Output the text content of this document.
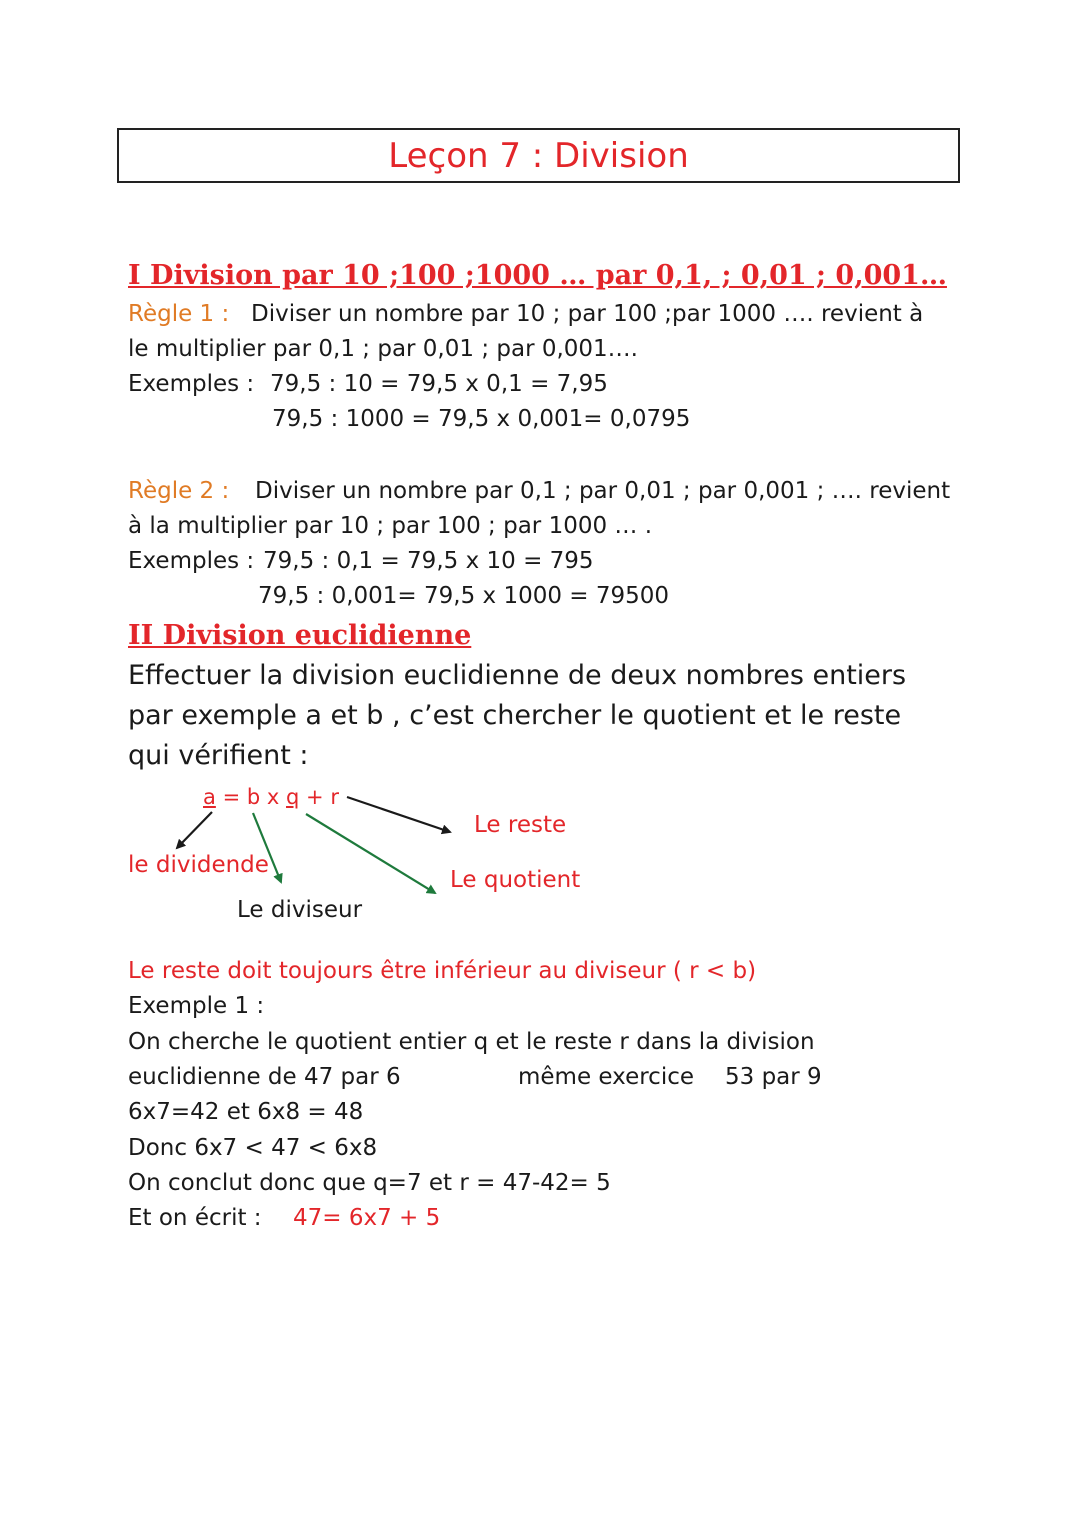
Leçon 7 : Division
I Division par 10 ;100 ;1000 … par 0,1, ; 0,01 ; 0,001…
Règle 1 : Diviser un nombre par 10 ; par 100 ;par 1000 …. revient à
le multiplier par 0,1 ; par 0,01 ; par 0,001….
Exemples : 79,5 : 10 = 79,5 x 0,1 = 7,95
79,5 : 1000 = 79,5 x 0,001= 0,0795
Règle 2 : Diviser un nombre par 0,1 ; par 0,01 ; par 0,001 ; …. revient
à la multiplier par 10 ; par 100 ; par 1000 … .
Exemples : 79,5 : 0,1 = 79,5 x 10 = 795
79,5 : 0,001= 79,5 x 1000 = 79500
II Division euclidienne
Effectuer la division euclidienne de deux nombres entiers
par exemple a et b , c’est chercher le quotient et le reste
qui vérifient :
a = b x q + r
Le reste
le dividende
Le quotient
Le diviseur
Le reste doit toujours être inférieur au diviseur ( r < b)
Exemple 1 :
On cherche le quotient entier q et le reste r dans la division
euclidienne de 47 par 6	même exercice 53 par 9
6x7=42 et 6x8 = 48
Donc 6x7 < 47 < 6x8
On conclut donc que q=7 et r = 47-42= 5
Et on écrit : 47= 6x7 + 5
